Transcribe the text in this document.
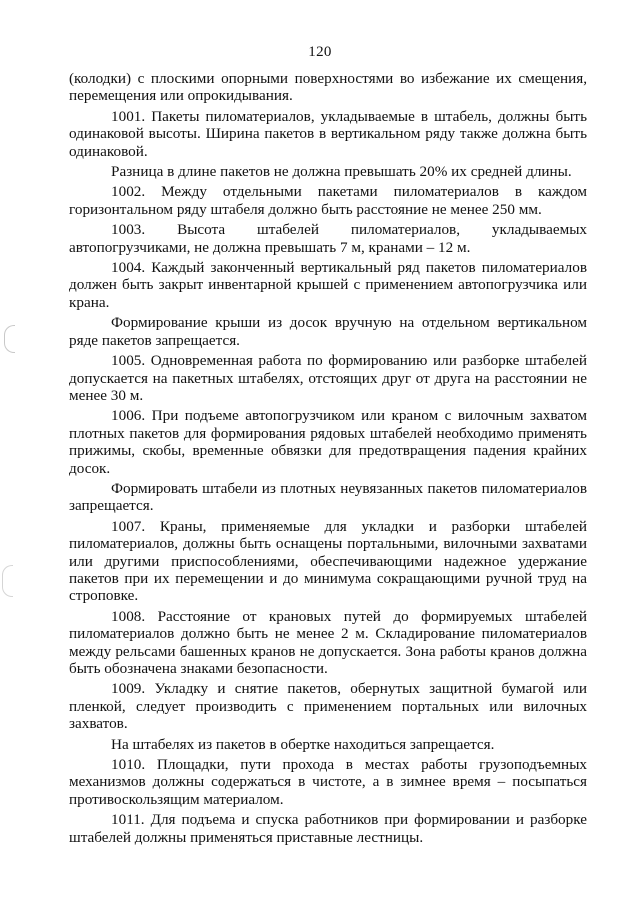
120

(колодки) с плоскими опорными поверхностями во избежание их смещения, перемещения или опрокидывания.

1001. Пакеты пиломатериалов, укладываемые в штабель, должны быть одинаковой высоты. Ширина пакетов в вертикальном ряду также должна быть одинаковой.

Разница в длине пакетов не должна превышать 20% их средней длины.

1002. Между отдельными пакетами пиломатериалов в каждом горизонтальном ряду штабеля должно быть расстояние не менее 250 мм.

1003. Высота штабелей пиломатериалов, укладываемых автопогрузчиками, не должна превышать 7 м, кранами – 12 м.

1004. Каждый законченный вертикальный ряд пакетов пиломатериалов должен быть закрыт инвентарной крышей с применением автопогрузчика или крана.

Формирование крыши из досок вручную на отдельном вертикальном ряде пакетов запрещается.

1005. Одновременная работа по формированию или разборке штабелей допускается на пакетных штабелях, отстоящих друг от друга на расстоянии не менее 30 м.

1006. При подъеме автопогрузчиком или краном с вилочным захватом плотных пакетов для формирования рядовых штабелей необходимо применять прижимы, скобы, временные обвязки для предотвращения падения крайних досок.

Формировать штабели из плотных неувязанных пакетов пиломатериалов запрещается.

1007. Краны, применяемые для укладки и разборки штабелей пиломатериалов, должны быть оснащены портальными, вилочными захватами или другими приспособлениями, обеспечивающими надежное удержание пакетов при их перемещении и до минимума сокращающими ручной труд на строповке.

1008. Расстояние от крановых путей до формируемых штабелей пиломатериалов должно быть не менее 2 м. Складирование пиломатериалов между рельсами башенных кранов не допускается. Зона работы кранов должна быть обозначена знаками безопасности.

1009. Укладку и снятие пакетов, обернутых защитной бумагой или пленкой, следует производить с применением портальных или вилочных захватов.

На штабелях из пакетов в обертке находиться запрещается.

1010. Площадки, пути прохода в местах работы грузоподъемных механизмов должны содержаться в чистоте, а в зимнее время – посыпаться противоскользящим материалом.

1011. Для подъема и спуска работников при формировании и разборке штабелей должны применяться приставные лестницы.
